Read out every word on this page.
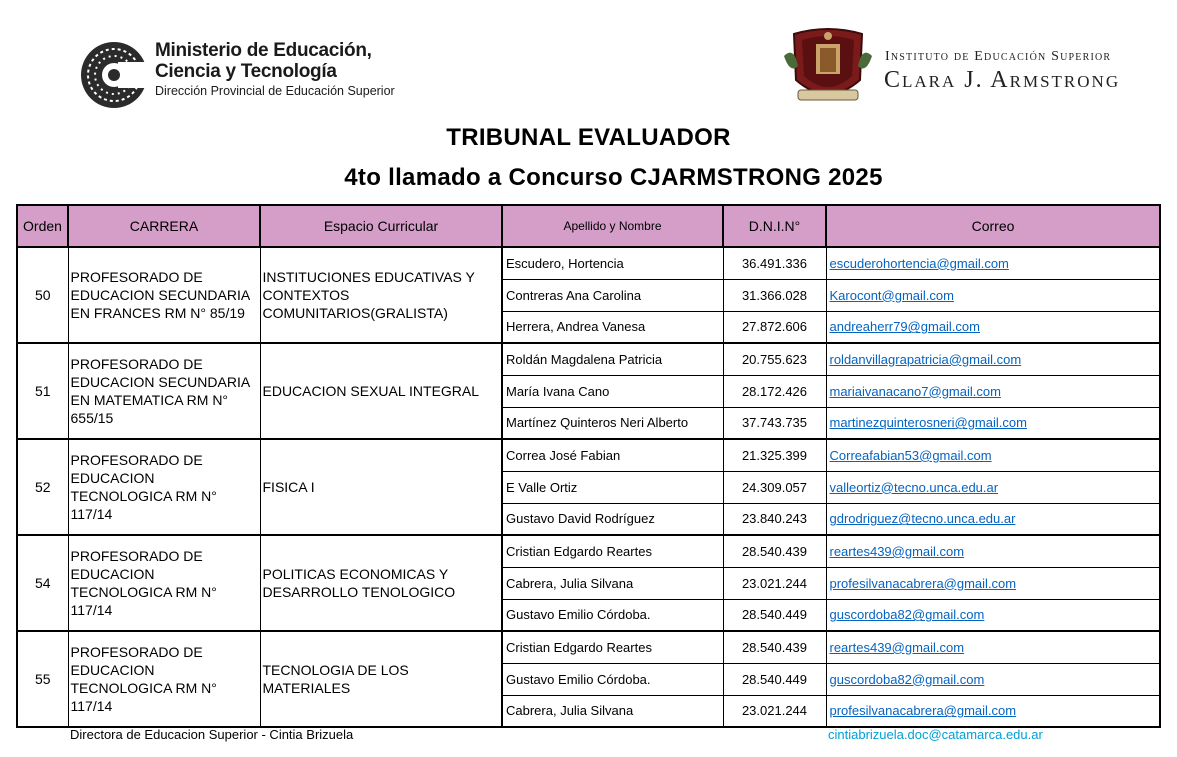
Ministerio de Educación,
Ciencia y Tecnología
Dirección Provincial de Educación Superior
Instituto de Educación Superior
Clara J. Armstrong
TRIBUNAL EVALUADOR
4to llamado a Concurso CJARMSTRONG 2025
Orden	CARRERA	Espacio Curricular	Apellido y Nombre	D.N.I.N°	Correo
50	PROFESORADO DE EDUCACION SECUNDARIA EN FRANCES RM N° 85/19	INSTITUCIONES EDUCATIVAS Y CONTEXTOS COMUNITARIOS(GRALISTA)	Escudero, Hortencia	36.491.336	escuderohortencia@gmail.com
			Contreras Ana Carolina	31.366.028	Karocont@gmail.com
			Herrera, Andrea Vanesa	27.872.606	andreaherr79@gmail.com
51	PROFESORADO DE EDUCACION SECUNDARIA EN MATEMATICA RM N° 655/15	EDUCACION SEXUAL INTEGRAL	Roldán Magdalena Patricia	20.755.623	roldanvillagrapatricia@gmail.com
			María Ivana Cano	28.172.426	mariaivanacano7@gmail.com
			Martínez Quinteros Neri Alberto	37.743.735	martinezquinterosneri@gmail.com
52	PROFESORADO DE EDUCACION TECNOLOGICA RM N° 117/14	FISICA I	Correa José Fabian	21.325.399	Correafabian53@gmail.com
			E Valle Ortiz	24.309.057	valleortiz@tecno.unca.edu.ar
			Gustavo David Rodríguez	23.840.243	gdrodriguez@tecno.unca.edu.ar
54	PROFESORADO DE EDUCACION TECNOLOGICA RM N° 117/14	POLITICAS ECONOMICAS Y DESARROLLO TENOLOGICO	Cristian Edgardo Reartes	28.540.439	reartes439@gmail.com
			Cabrera, Julia Silvana	23.021.244	profesilvanacabrera@gmail.com
			Gustavo Emilio Córdoba.	28.540.449	guscordoba82@gmail.com
55	PROFESORADO DE EDUCACION TECNOLOGICA RM N° 117/14	TECNOLOGIA DE LOS MATERIALES	Cristian Edgardo Reartes	28.540.439	reartes439@gmail.com
			Gustavo Emilio Córdoba.	28.540.449	guscordoba82@gmail.com
			Cabrera, Julia Silvana	23.021.244	profesilvanacabrera@gmail.com
Directora de Educacion Superior - Cintia Brizuela	cintiabrizuela.doc@catamarca.edu.ar
